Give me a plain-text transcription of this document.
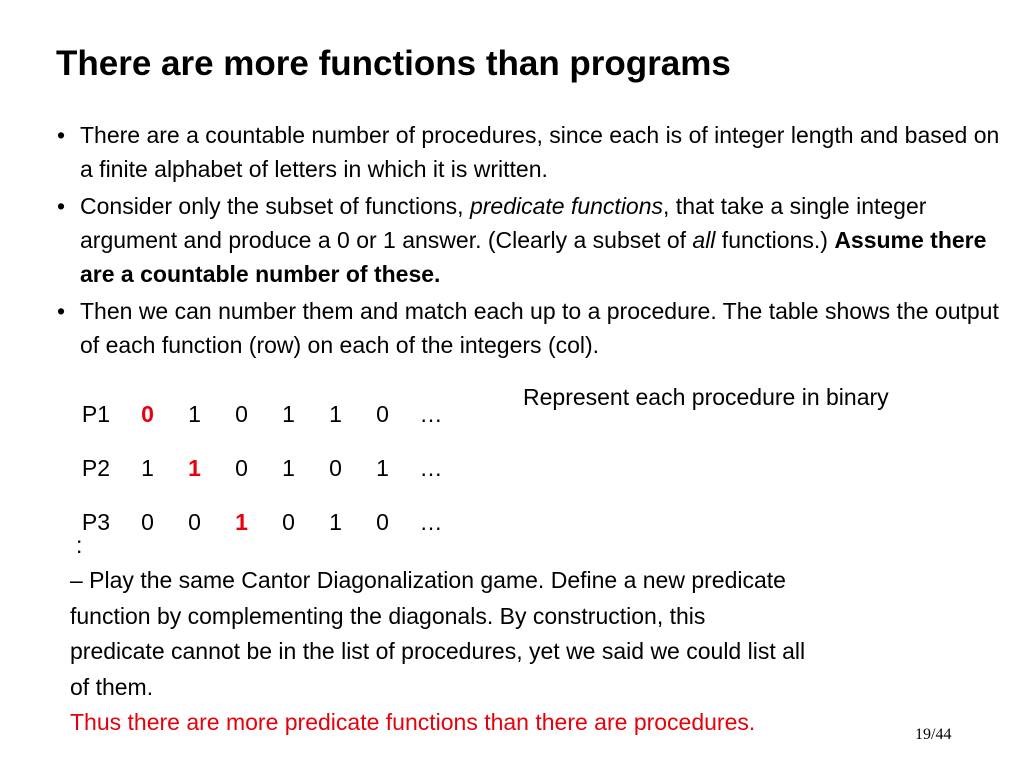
There are more functions than programs
• There are a countable number of procedures, since each is of integer length and based on a finite alphabet of letters in which it is written.
• Consider only the subset of functions, predicate functions, that take a single integer argument and produce a 0 or 1 answer. (Clearly a subset of all functions.) Assume there are a countable number of these.
• Then we can number them and match each up to a procedure. The table shows the output of each function (row) on each of the integers (col).
P1	0	1	0	1	1	0	…
P2	1	1	0	1	0	1	…
P3	0	0	1	0	1	0	…
:
Represent each procedure in binary
– Play the same Cantor Diagonalization game. Define a new predicate
function by complementing the diagonals. By construction, this
predicate cannot be in the list of procedures, yet we said we could list all
of them.
Thus there are more predicate functions than there are procedures.	19/44
